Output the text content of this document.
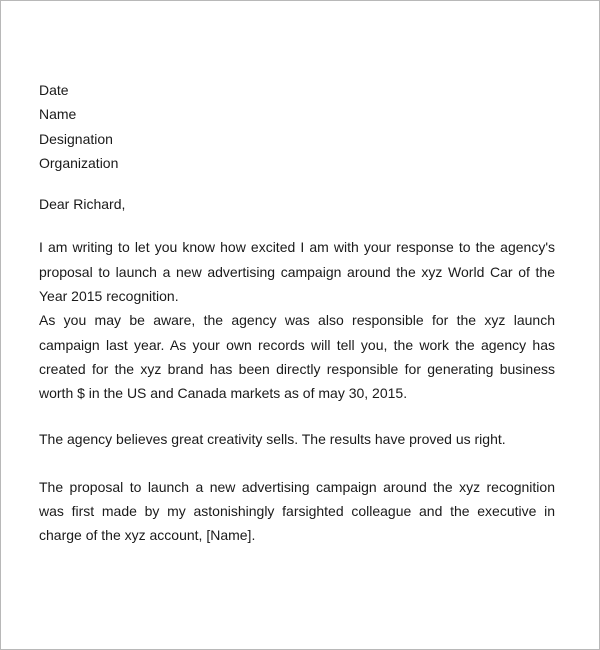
Date
Name
Designation
Organization
Dear Richard,

I am writing to let you know how excited I am with your response to the agency's proposal to launch a new advertising campaign around the xyz World Car of the Year 2015 recognition.

As you may be aware, the agency was also responsible for the xyz launch campaign last year. As your own records will tell you, the work the agency has created for the xyz brand has been directly responsible for generating business worth $ in the US and Canada markets as of may 30, 2015.

The agency believes great creativity sells. The results have proved us right.

The proposal to launch a new advertising campaign around the xyz recognition was first made by my astonishingly farsighted colleague and the executive in charge of the xyz account, [Name].
